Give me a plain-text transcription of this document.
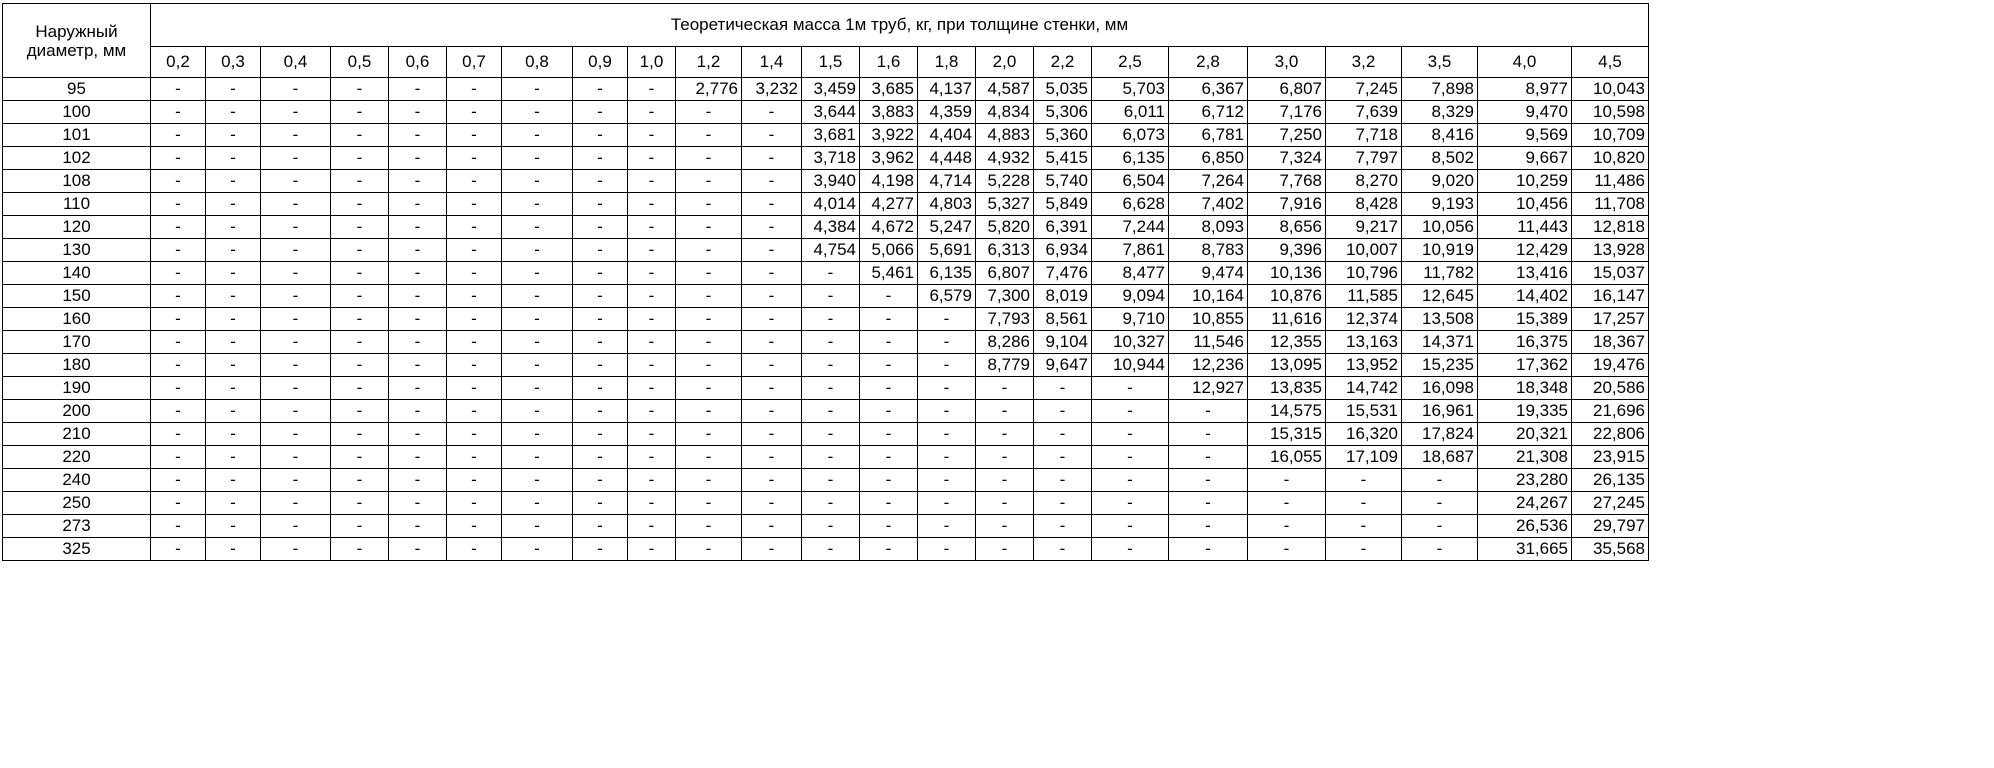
Наружный диаметр, мм	Теоретическая масса 1м труб, кг, при толщине стенки, мм																						
	0,2	0,3	0,4	0,5	0,6	0,7	0,8	0,9	1,0	1,2	1,4	1,5	1,6	1,8	2,0	2,2	2,5	2,8	3,0	3,2	3,5	4,0	4,5
95	-	-	-	-	-	-	-	-	-	2,776	3,232	3,459	3,685	4,137	4,587	5,035	5,703	6,367	6,807	7,245	7,898	8,977	10,043
100	-	-	-	-	-	-	-	-	-	-	-	3,644	3,883	4,359	4,834	5,306	6,011	6,712	7,176	7,639	8,329	9,470	10,598
101	-	-	-	-	-	-	-	-	-	-	-	3,681	3,922	4,404	4,883	5,360	6,073	6,781	7,250	7,718	8,416	9,569	10,709
102	-	-	-	-	-	-	-	-	-	-	-	3,718	3,962	4,448	4,932	5,415	6,135	6,850	7,324	7,797	8,502	9,667	10,820
108	-	-	-	-	-	-	-	-	-	-	-	3,940	4,198	4,714	5,228	5,740	6,504	7,264	7,768	8,270	9,020	10,259	11,486
110	-	-	-	-	-	-	-	-	-	-	-	4,014	4,277	4,803	5,327	5,849	6,628	7,402	7,916	8,428	9,193	10,456	11,708
120	-	-	-	-	-	-	-	-	-	-	-	4,384	4,672	5,247	5,820	6,391	7,244	8,093	8,656	9,217	10,056	11,443	12,818
130	-	-	-	-	-	-	-	-	-	-	-	4,754	5,066	5,691	6,313	6,934	7,861	8,783	9,396	10,007	10,919	12,429	13,928
140	-	-	-	-	-	-	-	-	-	-	-	-	5,461	6,135	6,807	7,476	8,477	9,474	10,136	10,796	11,782	13,416	15,037
150	-	-	-	-	-	-	-	-	-	-	-	-	-	6,579	7,300	8,019	9,094	10,164	10,876	11,585	12,645	14,402	16,147
160	-	-	-	-	-	-	-	-	-	-	-	-	-	-	7,793	8,561	9,710	10,855	11,616	12,374	13,508	15,389	17,257
170	-	-	-	-	-	-	-	-	-	-	-	-	-	-	8,286	9,104	10,327	11,546	12,355	13,163	14,371	16,375	18,367
180	-	-	-	-	-	-	-	-	-	-	-	-	-	-	8,779	9,647	10,944	12,236	13,095	13,952	15,235	17,362	19,476
190	-	-	-	-	-	-	-	-	-	-	-	-	-	-	-	-	-	12,927	13,835	14,742	16,098	18,348	20,586
200	-	-	-	-	-	-	-	-	-	-	-	-	-	-	-	-	-	-	14,575	15,531	16,961	19,335	21,696
210	-	-	-	-	-	-	-	-	-	-	-	-	-	-	-	-	-	-	15,315	16,320	17,824	20,321	22,806
220	-	-	-	-	-	-	-	-	-	-	-	-	-	-	-	-	-	-	16,055	17,109	18,687	21,308	23,915
240	-	-	-	-	-	-	-	-	-	-	-	-	-	-	-	-	-	-	-	-	-	23,280	26,135
250	-	-	-	-	-	-	-	-	-	-	-	-	-	-	-	-	-	-	-	-	-	24,267	27,245
273	-	-	-	-	-	-	-	-	-	-	-	-	-	-	-	-	-	-	-	-	-	26,536	29,797
325	-	-	-	-	-	-	-	-	-	-	-	-	-	-	-	-	-	-	-	-	-	31,665	35,568
